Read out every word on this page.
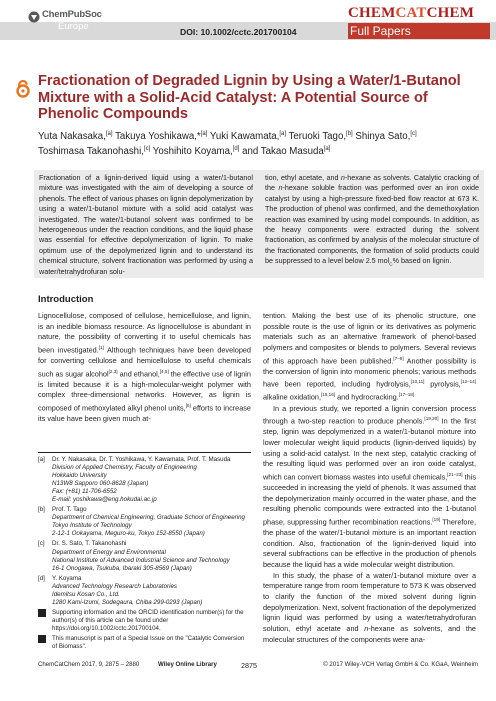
ChemPubSoc
Europe	DOI: 10.1002/cctc.201700104
CHEMCATCHEM
Full Papers
Fractionation of Degraded Lignin by Using a Water/1-Butanol Mixture with a Solid-Acid Catalyst: A Potential Source of Phenolic Compounds
Yuta Nakasaka,[a] Takuya Yoshikawa,*[a] Yuki Kawamata,[a] Teruoki Tago,[b] Shinya Sato,[c]
Toshimasa Takanohashi,[c] Yoshihito Koyama,[d] and Takao Masuda[a]
Fractionation of a lignin-derived liquid using a water/1-butanol mixture was investigated with the aim of developing a source of phenols. The effect of various phases on lignin depolymerization by using a water/1-butanol mixture with a solid acid catalyst was investigated. The water/1-butanol solvent was confirmed to be heterogeneous under the reaction conditions, and the liquid phase was essential for effective depolymerization of lignin. To make optimum use of the depolymerized lignin and to understand its chemical structure, solvent fractionation was performed by using a water/tetrahydrofuran solu-
tion, ethyl acetate, and n-hexane as solvents. Catalytic cracking of the n-hexane soluble fraction was performed over an iron oxide catalyst by using a high-pressure fixed-bed flow reactor at 673 K. The production of phenol was confirmed, and the demethoxylation reaction was examined by using model compounds. In addition, as the heavy components were extracted during the solvent fractionation, as confirmed by analysis of the molecular structure of the fractionated components, the formation of solid products could be suppressed to a level below 2.5 mol$_C$% based on lignin.
Introduction

Lignocellulose, composed of cellulose, hemicellulose, and lignin, is an inedible biomass resource. As lignocellulose is abundant in nature, the possibility of converting it to useful chemicals has been investigated.[1] Although techniques have been developed for converting cellulose and hemicellulose to useful chemicals such as sugar alcohol[2,3] and ethanol,[4,5] the effective use of lignin is limited because it is a high-molecular-weight polymer with complex three-dimensional networks. However, as lignin is composed of methoxylated alkyl phenol units,[6] efforts to increase its value have been given much at-

[a] Dr. Y. Nakasaka, Dr. T. Yoshikawa, Y. Kawamata, Prof. T. Masuda
Division of Applied Chemistry, Faculty of Engineering
Hokkaido University
N13W8 Sapporo 060-8628 (Japan)
Fax: (+81) 11-706-6552
E-mail: yoshikawa@eng.hokudai.ac.jp
[b] Prof. T. Tago
Department of Chemical Engineering, Graduate School of Engineering
Tokyo Institute of Technology
2-12-1 Ookayama, Meguro-ku, Tokyo 152-8550 (Japan)
[c] Dr. S. Sato, T. Takanohashi
Department of Energy and Environmental
National Institute of Advanced Industrial Science and Technology
16-1 Onogawa, Tsukuba, Ibaraki 305-8569 (Japan)
[d] Y. Koyama
Advanced Technology Research Laboratories
Idemitsu Kosan Co., Ltd.
1280 Kami-Izumi, Sodegaura, Chiba 299-0293 (Japan)
Supporting information and the ORCID identification number(s) for the author(s) of this article can be found under https://doi.org/10.1002/cctc.201700104.
This manuscript is part of a Special Issue on the "Catalytic Conversion of Biomass".

tention. Making the best use of its phenolic structure, one possible route is the use of lignin or its derivatives as polymeric materials such as an alternative framework of phenol-based polymers and composites or blends to polymers. Several reviews of this approach have been published.[7–9] Another possibility is the conversion of lignin into monomeric phenols; various methods have been reported, including hydrolysis,[10,11] pyrolysis,[12–14] alkaline oxidation,[15,16] and hydrocracking.[17–18]

In a previous study, we reported a lignin conversion process through a two-step reaction to produce phenols.[19,20] In the first step, lignin was depolymerized in a water/1-butanol mixture into lower molecular weight liquid products (lignin-derived liquids) by using a solid-acid catalyst. In the next step, catalytic cracking of the resulting liquid was performed over an iron oxide catalyst, which can convert biomass wastes into useful chemicals,[21–23] this succeeded in increasing the yield of phenols. It was assumed that the depolymerization mainly occurred in the water phase, and the resulting phenolic compounds were extracted into the 1-butanol phase, suppressing further recombination reactions.[19] Therefore, the phase of the water/1-butanol mixture is an important reaction condition. Also, fractionation of the lignin-derived liquid into several subfractions can be effective in the production of phenols because the liquid has a wide molecular weight distribution.

In this study, the phase of a water/1-butanol mixture over a temperature range from room temperature to 573 K was observed to clarify the function of the mixed solvent during lignin depolymerization. Next, solvent fractionation of the depolymerized lignin liquid was performed by using a water/tetrahydrofuran solution, ethyl acetate and n-hexane as solvents, and the molecular structures of the components were ana-

ChemCatChem 2017, 9, 2875 – 2880	Wiley Online Library	2875	© 2017 Wiley-VCH Verlag GmbH & Co. KGaA, Weinheim
